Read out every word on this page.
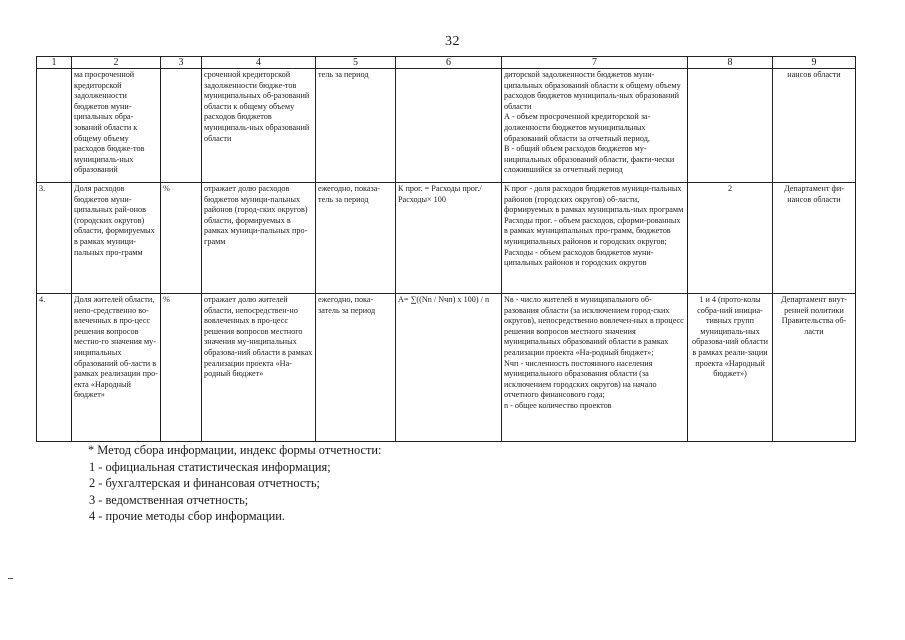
32
1	2	3	4	5	6	7	8	9
	ма просроченной кредиторской задолженности бюджетов муни-ципальных обра-зований области к общему объему расходов бюдже-тов муниципаль-ных образований		сроченной кредиторской задолженности бюдже-тов муниципальных об-разований области к общему объему расходов бюджетов муниципаль-ных образований области	тель за период		диторской задолженности бюджетов муни-ципальных образований области к общему объему расходов бюджетов муниципаль-ных образований области
А - объем просроченной кредиторской за-долженности бюджетов муниципальных образований области за отчетный период,
В - общий объем расходов бюджетов му-ниципальных образований области, факти-чески сложившийся за отчетный период		нансов области
3.	Доля расходов бюджетов муни-ципальных рай-онов (городских округов) области, формируемых в рамках муници-пальных про-грамм	%	отражает долю расходов бюджетов муници-пальных районов (город-ских округов) области, формируемых в рамках муници-пальных про-грамм	ежегодно, показа-тель за период	К прог. = Расходы прог./ Расходы× 100	К прог - доля расходов бюджетов муници-пальных районов (городских округов) об-ласти, формируемых в рамках муниципаль-ных программ
Расходы прог. - объем расходов, сформи-рованных в рамках муниципальных про-грамм, бюджетов муниципальных районов и городских округов;
Расходы - объем расходов бюджетов муни-ципальных районов и городских округов	2	Департамент фи-нансов области
4.	Доля жителей области, непо-средственно во-влеченных в про-цесс решения вопросов местно-го значения му-ниципальных образований об-ласти в рамках реализации про-екта «Народный бюджет»	%	отражает долю жителей области, непосредствен-но вовлеченных в про-цесс решения вопросов местного значения му-ниципальных образова-ний области в рамках реализации проекта «На-родный бюджет»	ежегодно, пока-затель за период	A= ∑((Nn / Nчп) x 100) / n	Nв - число жителей в муниципального об-разования области (за исключением город-ских округов), непосредственно вовлечен-ных в процесс решения вопросов местного значения муниципальных образований области в рамках реализации проекта «На-родный бюджет»;
Nчп - численность постоянного населения муниципального образования области (за исключением городских округов) на начало отчетного финансового года;
n - общее количество проектов	1 и 4 (прото-колы собра-ний инициа-тивных групп муниципаль-ных образова-ний области в рамках реали-зации проекта «Народный бюджет»)	Департамент внут-ренней политики Правительства об-ласти
* Метод сбора информации, индекс формы отчетности:
1 - официальная статистическая информация;
2 - бухгалтерская и финансовая отчетность;
3 - ведомственная отчетность;
4 - прочие методы сбор информации.
